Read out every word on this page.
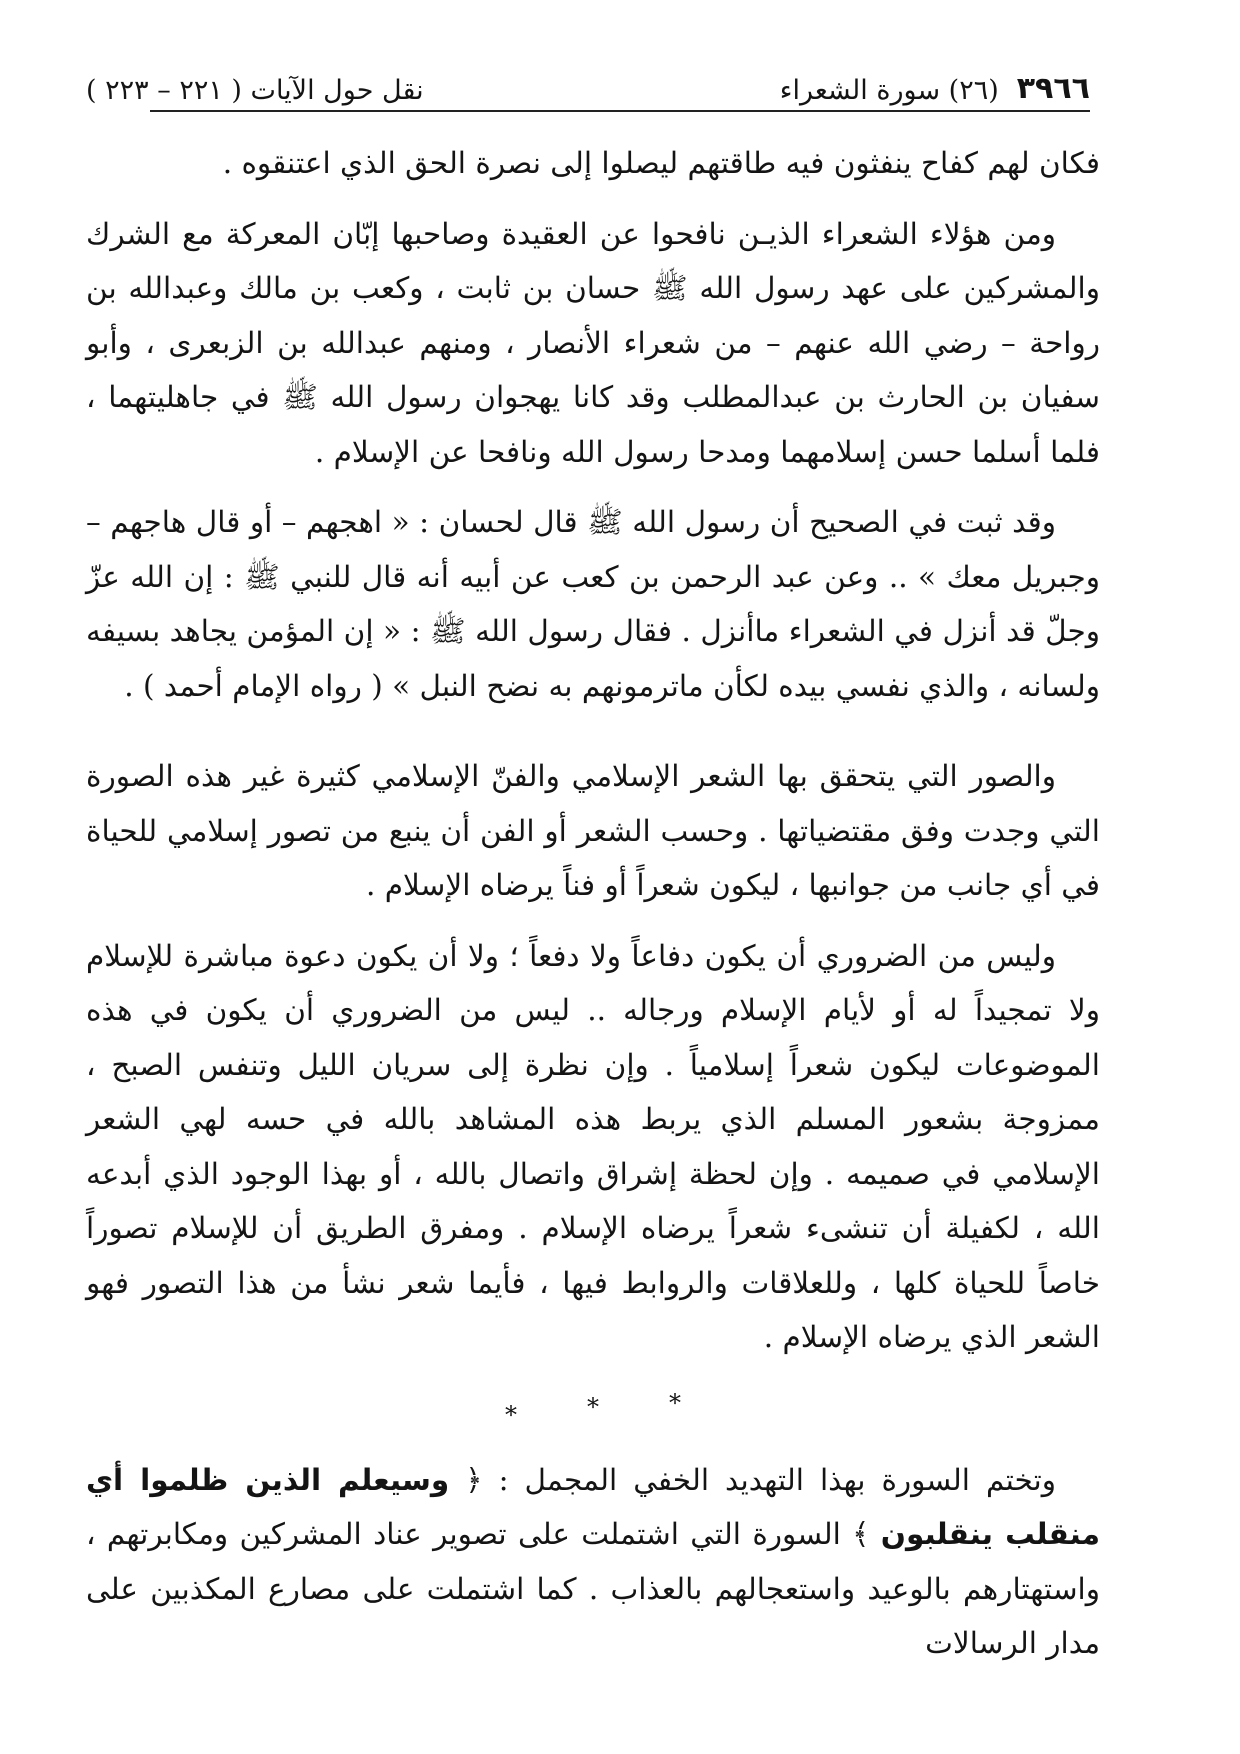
٣٩٦٦
(٢٦) سورة الشعراء
نقل حول الآيات ( ٢٢١ – ٢٢٣ )

فكان لهم كفاح ينفثون فيه طاقتهم ليصلوا إلى نصرة الحق الذي اعتنقوه .

ومن هؤلاء الشعراء الذيـن نافحوا عن العقيدة وصاحبها إبّان المعركة مع الشرك والمشركين على عهد رسول الله ﷺ حسان بن ثابت ، وكعب بن مالك وعبدالله بن رواحة – رضي الله عنهم – من شعراء الأنصار ، ومنهم عبدالله بن الزبعرى ، وأبو سفيان بن الحارث بن عبدالمطلب وقد كانا يهجوان رسول الله ﷺ في جاهليتهما ، فلما أسلما حسن إسلامهما ومدحا رسول الله ونافحا عن الإسلام .

وقد ثبت في الصحيح أن رسول الله ﷺ قال لحسان : « اهجهم – أو قال هاجهم – وجبريل معك » .. وعن عبد الرحمن بن كعب عن أبيه أنه قال للنبي ﷺ : إن الله عزّ وجلّ قد أنزل في الشعراء ماأنزل . فقال رسول الله ﷺ : « إن المؤمن يجاهد بسيفه ولسانه ، والذي نفسي بيده لكأن ماترمونهم به نضح النبل » ( رواه الإمام أحمد ) .

والصور التي يتحقق بها الشعر الإسلامي والفنّ الإسلامي كثيرة غير هذه الصورة التي وجدت وفق مقتضياتها . وحسب الشعر أو الفن أن ينبع من تصور إسلامي للحياة في أي جانب من جوانبها ، ليكون شعراً أو فناً يرضاه الإسلام .

وليس من الضروري أن يكون دفاعاً ولا دفعاً ؛ ولا أن يكون دعوة مباشرة للإسلام ولا تمجيداً له أو لأيام الإسلام ورجاله .. ليس من الضروري أن يكون في هذه الموضوعات ليكون شعراً إسلامياً . وإن نظرة إلى سريان الليل وتنفس الصبح ، ممزوجة بشعور المسلم الذي يربط هذه المشاهد بالله في حسه لهي الشعر الإسلامي في صميمه . وإن لحظة إشراق واتصال بالله ، أو بهذا الوجود الذي أبدعه الله ، لكفيلة أن تنشىء شعراً يرضاه الإسلام . ومفرق الطريق أن للإسلام تصوراً خاصاً للحياة كلها ، وللعلاقات والروابط فيها ، فأيما شعر نشأ من هذا التصور فهو الشعر الذي يرضاه الإسلام .

*	*	*

وتختم السورة بهذا التهديد الخفي المجمل : ﴿ وسيعلم الذين ظلموا أي منقلب ينقلبون ﴾ السورة التي اشتملت على تصوير عناد المشركين ومكابرتهم ، واستهتارهم بالوعيد واستعجالهم بالعذاب . كما اشتملت على مصارع المكذبين على مدار الرسالات
